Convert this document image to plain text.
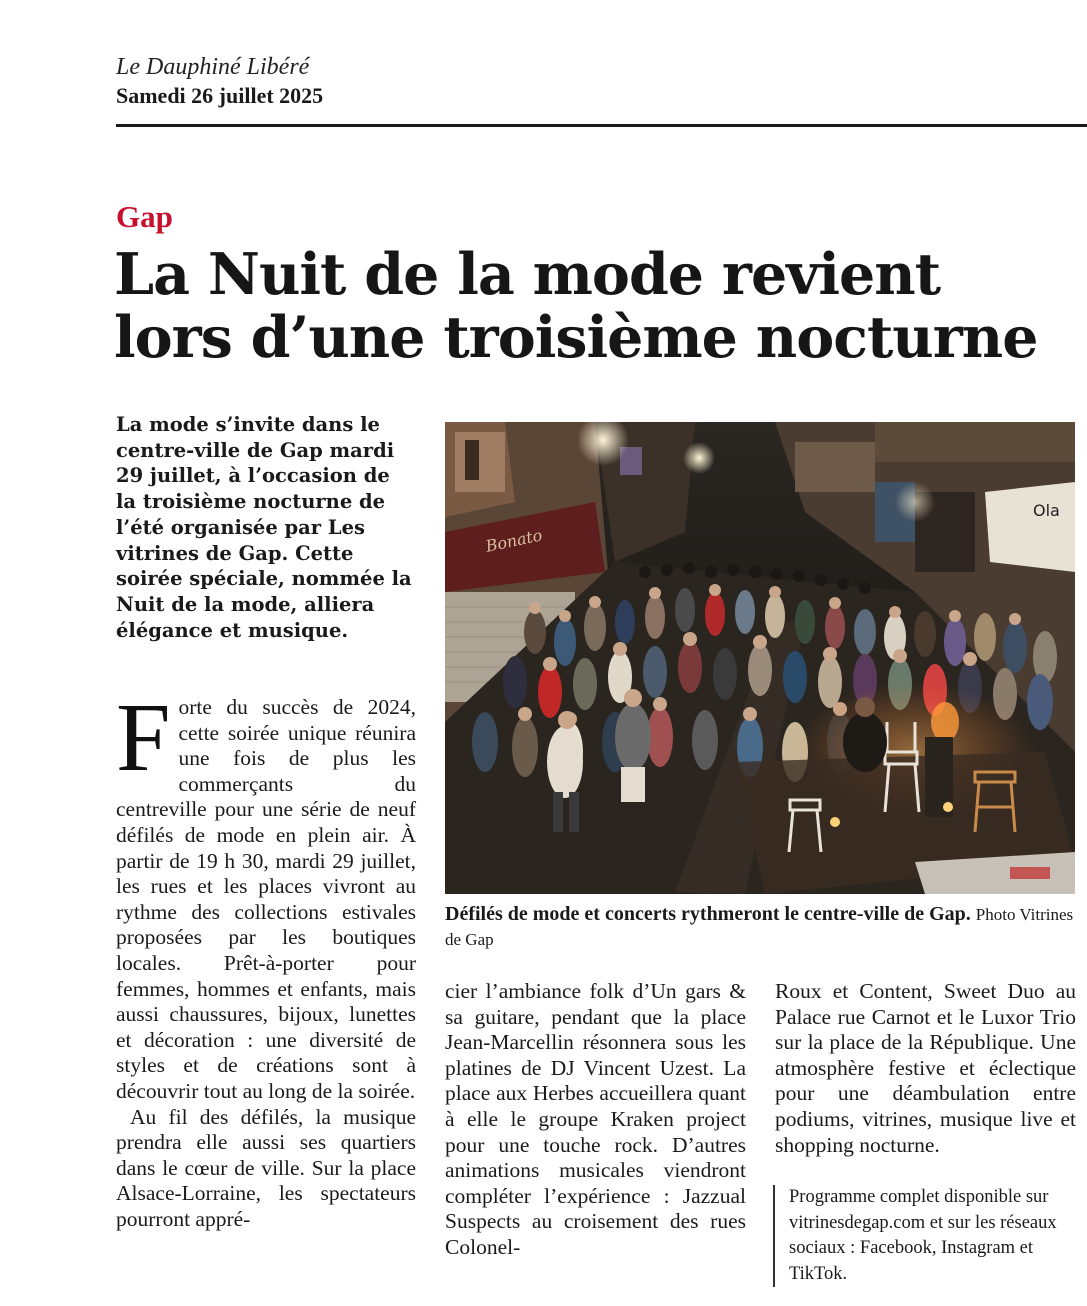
Le Dauphiné Libéré
Samedi 26 juillet 2025
Gap
La Nuit de la mode revient lors d’une troisième nocturne

La mode s’invite dans le centre-ville de Gap mardi 29 juillet, à l’occasion de la troisième nocturne de l’été organisée par Les vitrines de Gap. Cette soirée spéciale, nommée la Nuit de la mode, alliera élégance et musique.

Bonato
Ola
Défilés de mode et concerts rythmeront le centre-ville de Gap. Photo Vitrines de Gap

Forte du succès de 2024, cette soirée unique réunira une fois de plus les commerçants du centreville pour une série de neuf défilés de mode en plein air. À partir de 19 h 30, mardi 29 juillet, les rues et les places vivront au rythme des collections estivales proposées par les boutiques locales. Prêt-à-porter pour femmes, hommes et enfants, mais aussi chaussures, bijoux, lunettes et décoration : une diversité de styles et de créations sont à découvrir tout au long de la soirée.

Au fil des défilés, la musique prendra elle aussi ses quartiers dans le cœur de ville. Sur la place Alsace-Lorraine, les spectateurs pourront appré-

cier l’ambiance folk d’Un gars & sa guitare, pendant que la place Jean-Marcellin résonnera sous les platines de DJ Vincent Uzest. La place aux Herbes accueillera quant à elle le groupe Kraken project pour une touche rock. D’autres animations musicales viendront compléter l’expérience : Jazzual Suspects au croisement des rues Colonel-

Roux et Content, Sweet Duo au Palace rue Carnot et le Luxor Trio sur la place de la République. Une atmosphère festive et éclectique pour une déambulation entre podiums, vitrines, musique live et shopping nocturne.

Programme complet disponible sur vitrinesdegap.com et sur les réseaux sociaux : Facebook, Instagram et TikTok.
